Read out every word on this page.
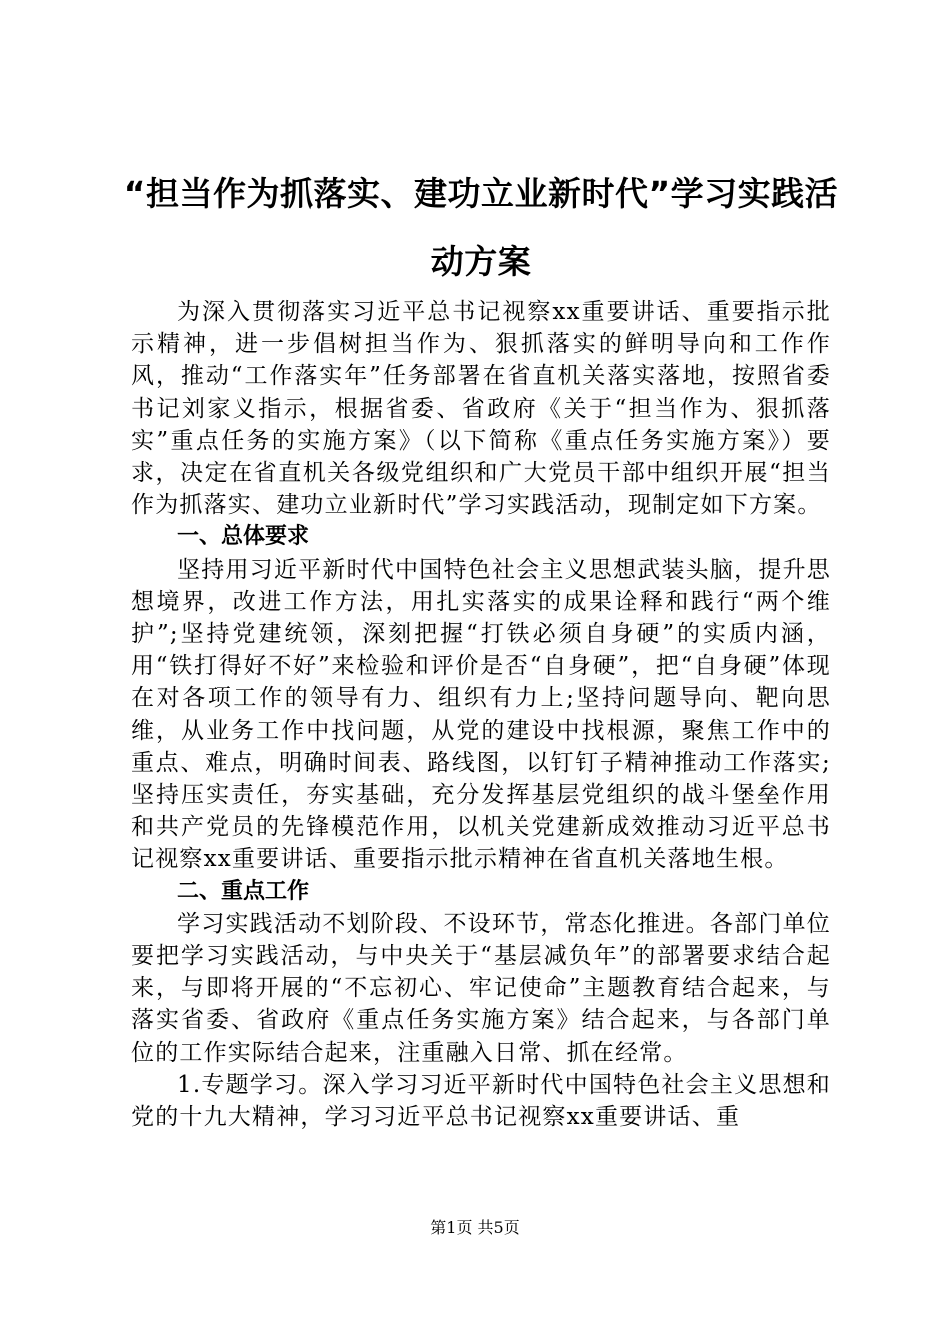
“担当作为抓落实、建功立业新时代”学习实践活动方案

为深入贯彻落实习近平总书记视察xx重要讲话、重要指示批示精神，进一步倡树担当作为、狠抓落实的鲜明导向和工作作风，推动“工作落实年”任务部署在省直机关落实落地，按照省委书记刘家义指示，根据省委、省政府《关于“担当作为、狠抓落实”重点任务的实施方案》（以下简称《重点任务实施方案》）要求，决定在省直机关各级党组织和广大党员干部中组织开展“担当作为抓落实、建功立业新时代”学习实践活动，现制定如下方案。

一、总体要求

坚持用习近平新时代中国特色社会主义思想武装头脑，提升思想境界，改进工作方法，用扎实落实的成果诠释和践行“两个维护”;坚持党建统领，深刻把握“打铁必须自身硬”的实质内涵，用“铁打得好不好”来检验和评价是否“自身硬”，把“自身硬”体现在对各项工作的领导有力、组织有力上;坚持问题导向、靶向思维，从业务工作中找问题，从党的建设中找根源，聚焦工作中的重点、难点，明确时间表、路线图，以钉钉子精神推动工作落实;坚持压实责任，夯实基础，充分发挥基层党组织的战斗堡垒作用和共产党员的先锋模范作用，以机关党建新成效推动习近平总书记视察xx重要讲话、重要指示批示精神在省直机关落地生根。

二、重点工作

学习实践活动不划阶段、不设环节，常态化推进。各部门单位要把学习实践活动，与中央关于“基层减负年”的部署要求结合起来，与即将开展的“不忘初心、牢记使命”主题教育结合起来，与落实省委、省政府《重点任务实施方案》结合起来，与各部门单位的工作实际结合起来，注重融入日常、抓在经常。

1.专题学习。深入学习习近平新时代中国特色社会主义思想和党的十九大精神，学习习近平总书记视察xx重要讲话、重

第1页 共5页
